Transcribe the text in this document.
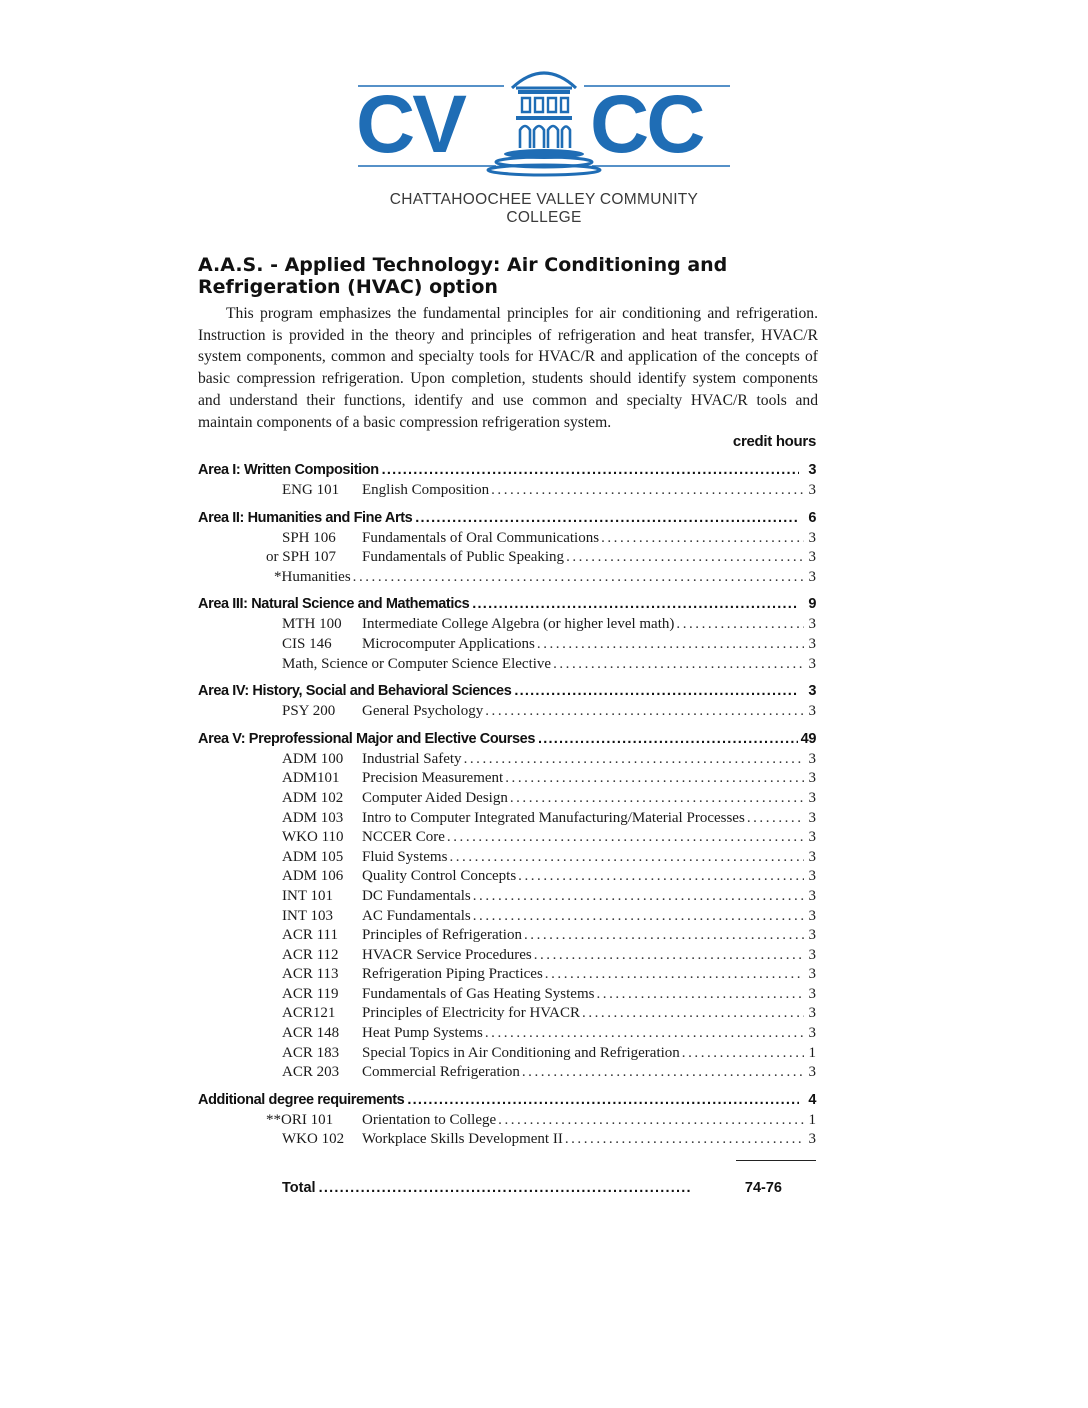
CV CC
CHATTAHOOCHEE VALLEY COMMUNITY COLLEGE
A.A.S. - Applied Technology: Air Conditioning and
Refrigeration (HVAC) option

This program emphasizes the fundamental principles for air conditioning and refrigeration. Instruction is provided in the theory and principles of refrigeration and heat transfer, HVAC/R system components, common and specialty tools for HVAC/R and application of the concepts of basic compression refrigeration. Upon completion, students should identify system components and understand their functions, identify and use common and specialty HVAC/R tools and maintain components of a basic compression refrigeration system.

credit hours
Area I: Written Composition . . .	3
ENG 101	English Composition . . .	3
Area II: Humanities and Fine Arts . . .	6
SPH 106	Fundamentals of Oral Communications . . .	3
or SPH 107	Fundamentals of Public Speaking . . .	3
*Humanities . . .	3
Area III: Natural Science and Mathematics . . .	9
MTH 100	Intermediate College Algebra (or higher level math) . . .	3
CIS 146	Microcomputer Applications . . .	3
Math, Science or Computer Science Elective . . .	3
Area IV: History, Social and Behavioral Sciences . . .	3
PSY 200	General Psychology . . .	3
Area V: Preprofessional Major and Elective Courses . . .	49
ADM 100	Industrial Safety . . .	3
ADM101	Precision Measurement . . .	3
ADM 102	Computer Aided Design . . .	3
ADM 103	Intro to Computer Integrated Manufacturing/Material Processes . . .	3
WKO 110	NCCER Core . . .	3
ADM 105	Fluid Systems . . .	3
ADM 106	Quality Control Concepts . . .	3
INT 101	DC Fundamentals . . .	3
INT 103	AC Fundamentals . . .	3
ACR 111	Principles of Refrigeration . . .	3
ACR 112	HVACR Service Procedures . . .	3
ACR 113	Refrigeration Piping Practices . . .	3
ACR 119	Fundamentals of Gas Heating Systems . . .	3
ACR121	Principles of Electricity for HVACR . . .	3
ACR 148	Heat Pump Systems . . .	3
ACR 183	Special Topics in Air Conditioning and Refrigeration . . .	1
ACR 203	Commercial Refrigeration . . .	3
Additional degree requirements . . .	4
**ORI 101	Orientation to College . . .	1
WKO 102	Workplace Skills Development II . . .	3
Total . . .	74-76
